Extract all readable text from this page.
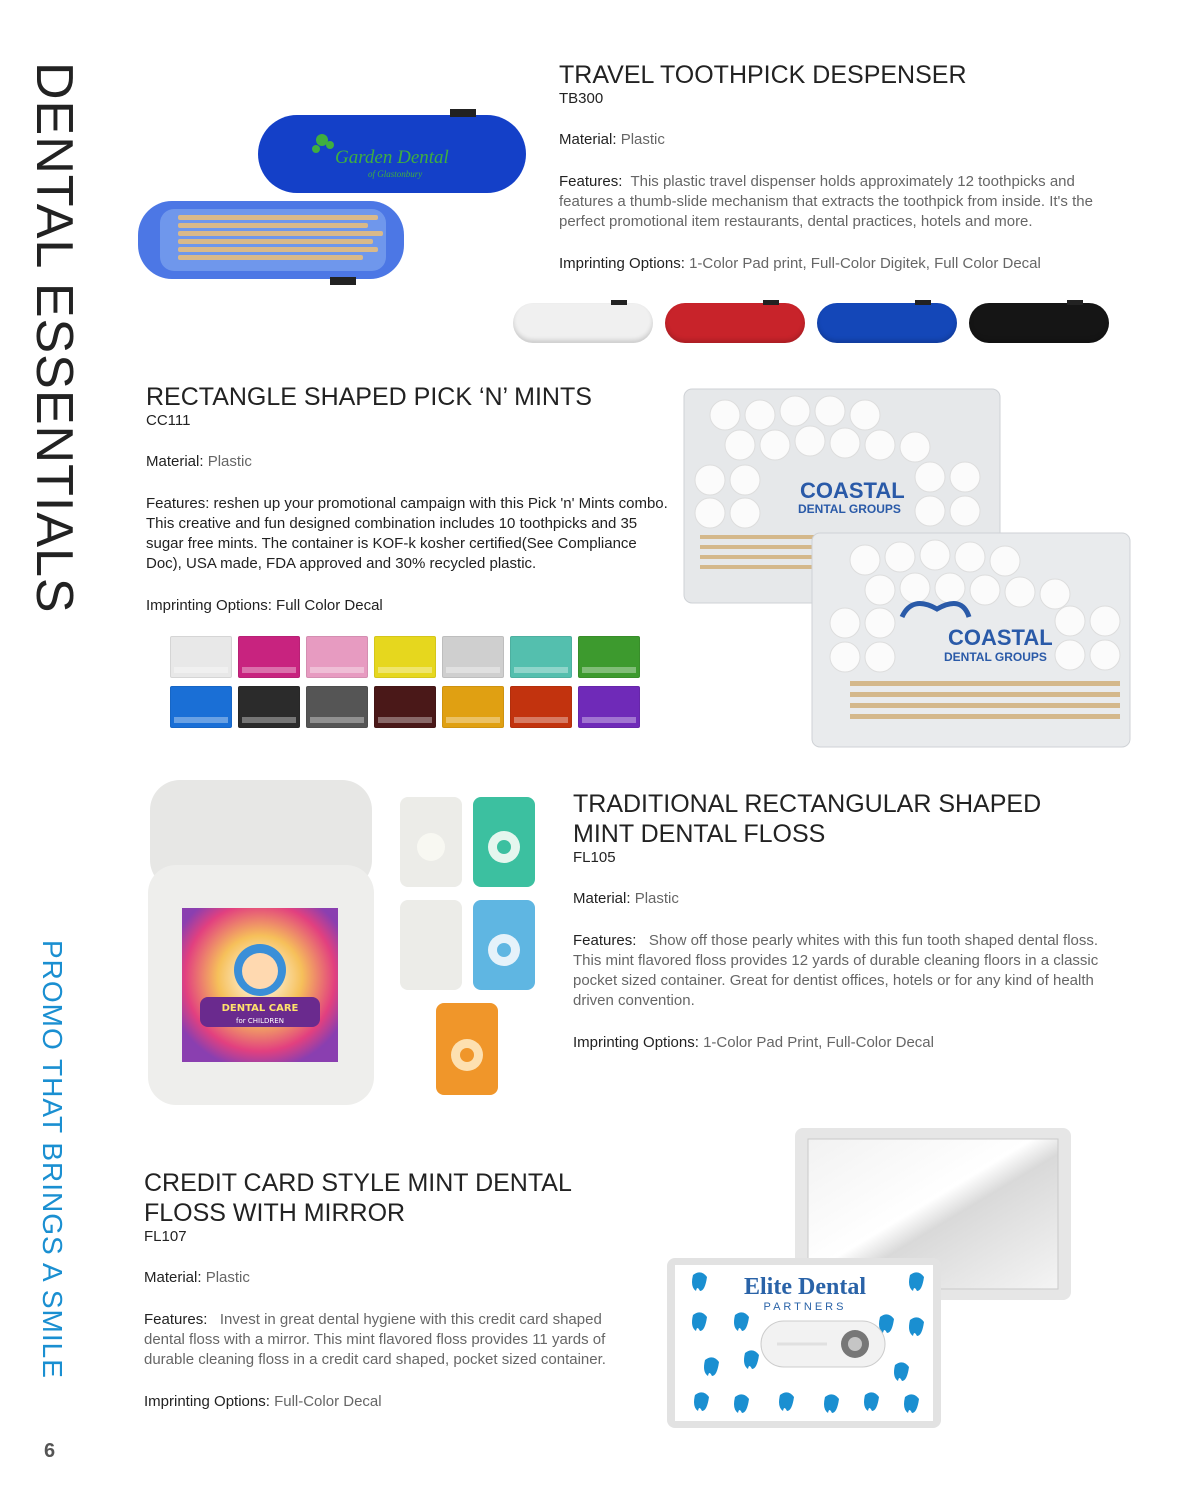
DENTAL ESSENTIALS
PROMO THAT BRINGS A SMILE
6
Garden Dental
of Glastonbury
TRAVEL TOOTHPICK DESPENSER
TB300

Material: Plastic

Features: This plastic travel dispenser holds approximately 12 toothpicks and features a thumb-slide mechanism that extracts the toothpick from inside. It's the perfect promotional item restaurants, dental practices, hotels and more.

Imprinting Options: 1-Color Pad print, Full-Color Digitek, Full Color Decal

RECTANGLE SHAPED PICK ‘N’ MINTS
CC111

Material: Plastic

Features: reshen up your promotional campaign with this Pick 'n' Mints combo. This creative and fun designed combination includes 10 toothpicks and 35 sugar free mints. The container is KOF-k kosher certified(See Compliance Doc), USA made, FDA approved and 30% recycled plastic.

Imprinting Options: Full Color Decal

COASTAL
DENTAL GROUPS
COASTAL
DENTAL GROUPS
DENTAL CARE
for CHILDREN
TRADITIONAL RECTANGULAR SHAPED MINT DENTAL FLOSS
FL105

Material: Plastic

Features: Show off those pearly whites with this fun tooth shaped dental floss. This mint flavored floss provides 12 yards of durable cleaning floors in a classic pocket sized container. Great for dentist offices, hotels or for any kind of health driven convention.

Imprinting Options: 1-Color Pad Print, Full-Color Decal

CREDIT CARD STYLE MINT DENTAL FLOSS WITH MIRROR
FL107

Material: Plastic

Features: Invest in great dental hygiene with this credit card shaped dental floss with a mirror. This mint flavored floss provides 11 yards of durable cleaning floss in a credit card shaped, pocket sized container.

Imprinting Options: Full-Color Decal

Elite Dental
PARTNERS
